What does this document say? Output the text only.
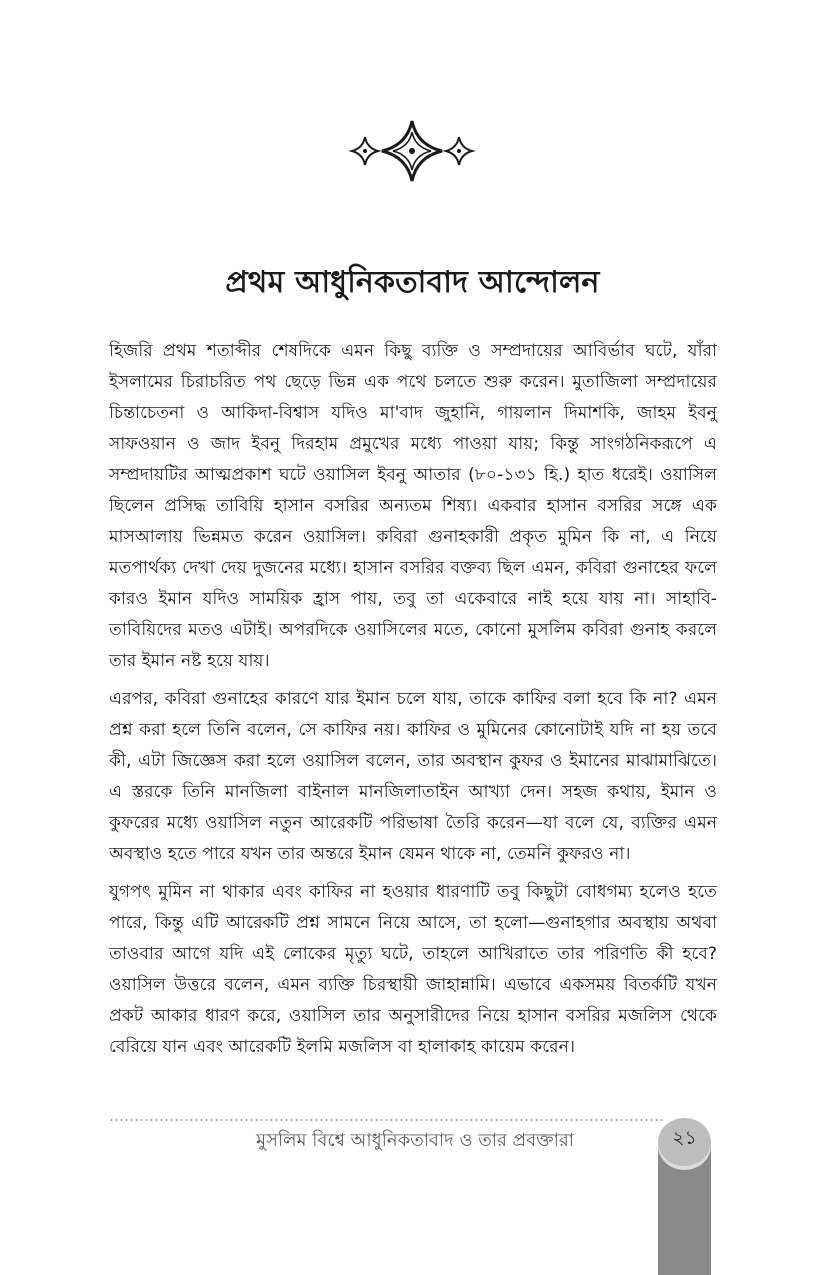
প্রথম আধুনিকতাবাদ আন্দোলন

হিজরি প্রথম শতাব্দীর শেষদিকে এমন কিছু ব্যক্তি ও সম্প্রদায়ের আবির্ভাব ঘটে, যাঁরা ইসলামের চিরাচরিত পথ ছেড়ে ভিন্ন এক পথে চলতে শুরু করেন। মুতাজিলা সম্প্রদায়ের চিন্তাচেতনা ও আকিদা-বিশ্বাস যদিও মা'বাদ জুহানি, গায়লান দিমাশকি, জাহম ইবনু সাফওয়ান ও জাদ ইবনু দিরহাম প্রমুখের মধ্যে পাওয়া যায়; কিন্তু সাংগঠনিকরূপে এ সম্প্রদায়টির আত্মপ্রকাশ ঘটে ওয়াসিল ইবনু আতার (৮০-১৩১ হি.) হাত ধরেই। ওয়াসিল ছিলেন প্রসিদ্ধ তাবিয়ি হাসান বসরির অন্যতম শিষ্য। একবার হাসান বসরির সঙ্গে এক মাসআলায় ভিন্নমত করেন ওয়াসিল। কবিরা গুনাহকারী প্রকৃত মুমিন কি না, এ নিয়ে মতপার্থক্য দেখা দেয় দুজনের মধ্যে। হাসান বসরির বক্তব্য ছিল এমন, কবিরা গুনাহের ফলে কারও ইমান যদিও সাময়িক হ্রাস পায়, তবু তা একেবারে নাই হয়ে যায় না। সাহাবি-তাবিয়িদের মতও এটাই। অপরদিকে ওয়াসিলের মতে, কোনো মুসলিম কবিরা গুনাহ করলে তার ইমান নষ্ট হয়ে যায়।

এরপর, কবিরা গুনাহের কারণে যার ইমান চলে যায়, তাকে কাফির বলা হবে কি না? এমন প্রশ্ন করা হলে তিনি বলেন, সে কাফির নয়। কাফির ও মুমিনের কোনোটাই যদি না হয় তবে কী, এটা জিজ্ঞেস করা হলে ওয়াসিল বলেন, তার অবস্থান কুফর ও ইমানের মাঝামাঝিতে। এ স্তরকে তিনি মানজিলা বাইনাল মানজিলাতাইন আখ্যা দেন। সহজ কথায়, ইমান ও কুফরের মধ্যে ওয়াসিল নতুন আরেকটি পরিভাষা তৈরি করেন—যা বলে যে, ব্যক্তির এমন অবস্থাও হতে পারে যখন তার অন্তরে ইমান যেমন থাকে না, তেমনি কুফরও না।

যুগপৎ মুমিন না থাকার এবং কাফির না হওয়ার ধারণাটি তবু কিছুটা বোধগম্য হলেও হতে পারে, কিন্তু এটি আরেকটি প্রশ্ন সামনে নিয়ে আসে, তা হলো—গুনাহগার অবস্থায় অথবা তাওবার আগে যদি এই লোকের মৃত্যু ঘটে, তাহলে আখিরাতে তার পরিণতি কী হবে? ওয়াসিল উত্তরে বলেন, এমন ব্যক্তি চিরস্থায়ী জাহান্নামি। এভাবে একসময় বিতর্কটি যখন প্রকট আকার ধারণ করে, ওয়াসিল তার অনুসারীদের নিয়ে হাসান বসরির মজলিস থেকে বেরিয়ে যান এবং আরেকটি ইলমি মজলিস বা হালাকাহ কায়েম করেন।

মুসলিম বিশ্বে আধুনিকতাবাদ ও তার প্রবক্তারা	২১
